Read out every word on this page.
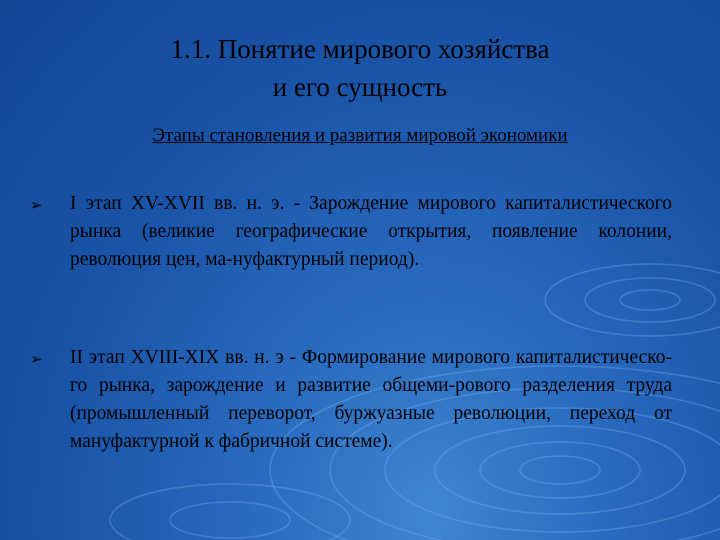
1.1. Понятие мирового хозяйства
и его сущность
Этапы становления и развития мировой экономики
➢ I этап XV-XVII вв. н. э. - Зарождение мирового капиталистического рынка (великие географические открытия, появление колонии, революция цен, ма-нуфактурный период).
➢ II этап XVIII-XIX вв. н. э - Формирование мирового капиталистическо-го рынка, зарождение и развитие общеми-рового разделения труда (промышленный переворот, буржуазные революции, переход от мануфактурной к фабричной системе).
